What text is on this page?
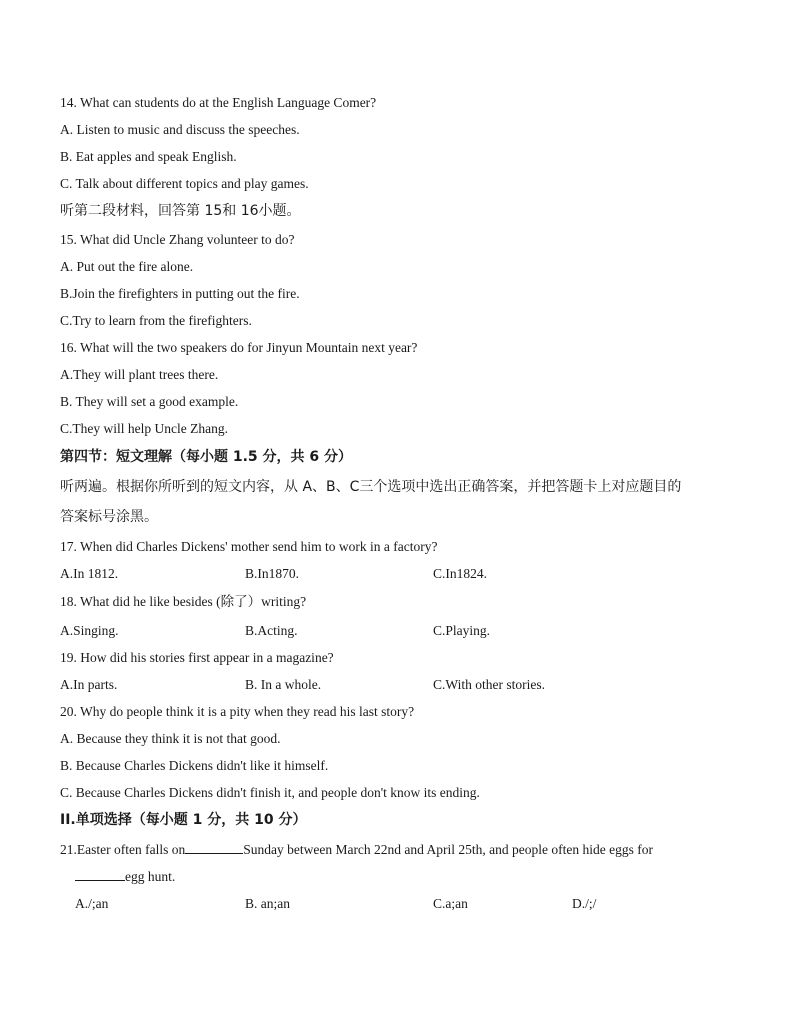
14. What can students do at the English Language Comer?
A. Listen to music and discuss the speeches.
B. Eat apples and speak English.
C. Talk about different topics and play games.
听第二段材料，回答第 15和 16小题。
15. What did Uncle Zhang volunteer to do?
A. Put out the fire alone.
B.Join the firefighters in putting out the fire.
C.Try to learn from the firefighters.
16. What will the two speakers do for Jinyun Mountain next year?
A.They will plant trees there.
B. They will set a good example.
C.They will help Uncle Zhang.
第四节：短文理解（每小题 1.5 分，共 6 分）
听两遍。根据你所听到的短文内容，从 A、B、C三个选项中选出正确答案，并把答题卡上对应题目的
答案标号涂黑。
17. When did Charles Dickens' mother send him to work in a factory?
A.In 1812.	B.In1870.	C.In1824.
18. What did he like besides (除了）writing?
A.Singing.	B.Acting.	C.Playing.
19. How did his stories first appear in a magazine?
A.In parts.	B. In a whole.	C.With other stories.
20. Why do people think it is a pity when they read his last story?
A. Because they think it is not that good.
B. Because Charles Dickens didn't like it himself.
C. Because Charles Dickens didn't finish it, and people don't know its ending.
II.单项选择（每小题 1 分，共 10 分）
21.Easter often falls on	Sunday between March 22nd and April 25th, and people often hide eggs for
egg hunt.
A./;an	B. an;an	C.a;an	D./;/
